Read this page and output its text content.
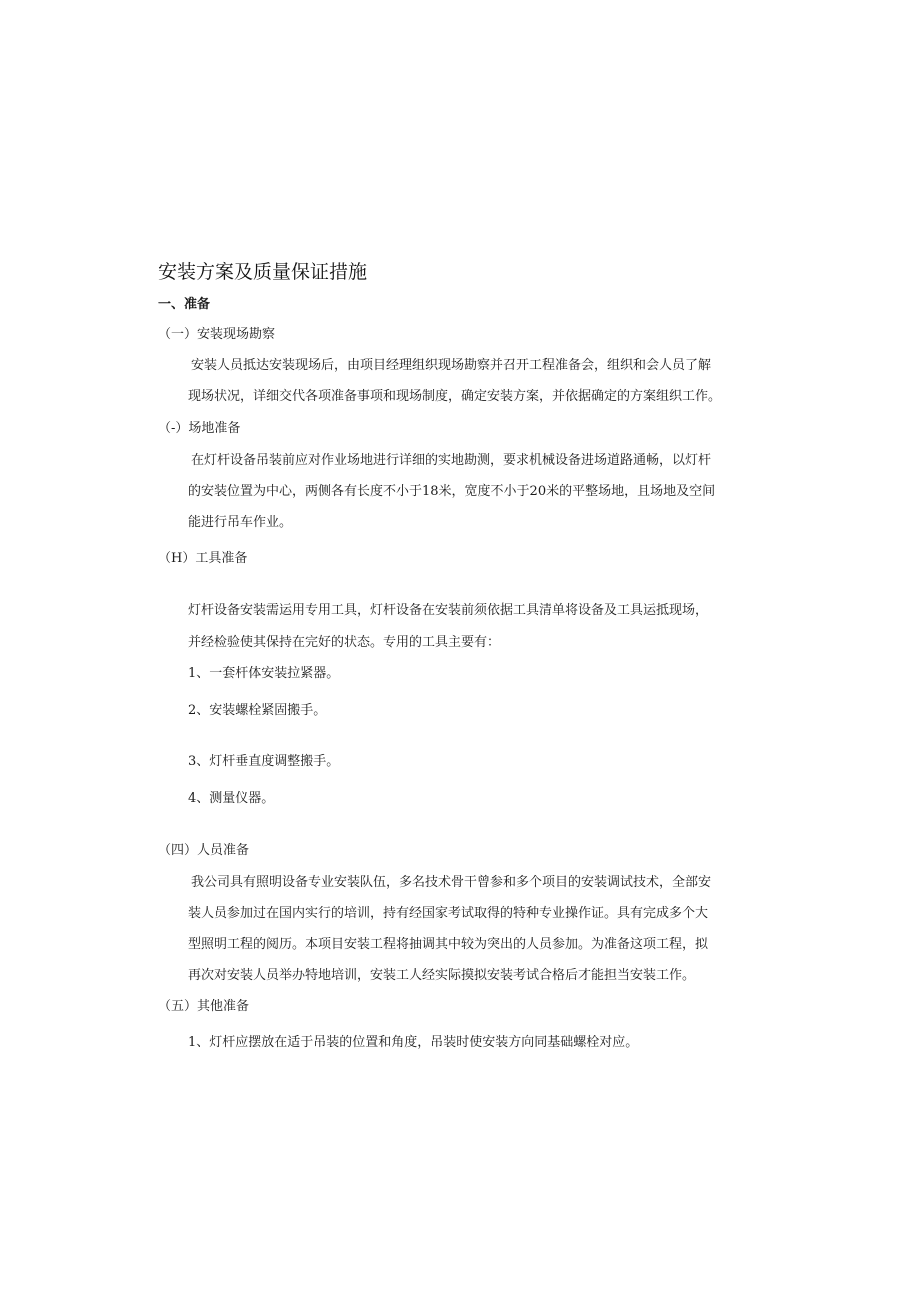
安装方案及质量保证措施
一、准备
（一）安装现场勘察
安装人员抵达安装现场后，由项目经理组织现场勘察并召开工程准备会，组织和会人员了解
现场状况，详细交代各项准备事项和现场制度，确定安装方案，并依据确定的方案组织工作。
（-）场地准备
在灯杆设备吊装前应对作业场地进行详细的实地勘测，要求机械设备进场道路通畅，以灯杆
的安装位置为中心，两侧各有长度不小于18米，宽度不小于20米的平整场地，且场地及空间
能进行吊车作业。
（H）工具准备
灯杆设备安装需运用专用工具，灯杆设备在安装前须依据工具清单将设备及工具运抵现场，
并经检验使其保持在完好的状态。专用的工具主要有：
1、一套杆体安装拉紧器。
2、安装螺栓紧固搬手。
3、灯杆垂直度调整搬手。
4、测量仪器。
（四）人员准备
我公司具有照明设备专业安装队伍，多名技术骨干曾参和多个项目的安装调试技术，全部安
装人员参加过在国内实行的培训，持有经国家考试取得的特种专业操作证。具有完成多个大
型照明工程的阅历。本项目安装工程将抽调其中较为突出的人员参加。为准备这项工程，拟
再次对安装人员举办特地培训，安装工人经实际摸拟安装考试合格后才能担当安装工作。
（五）其他准备
1、灯杆应摆放在适于吊装的位置和角度，吊装时使安装方向同基础螺栓对应。
